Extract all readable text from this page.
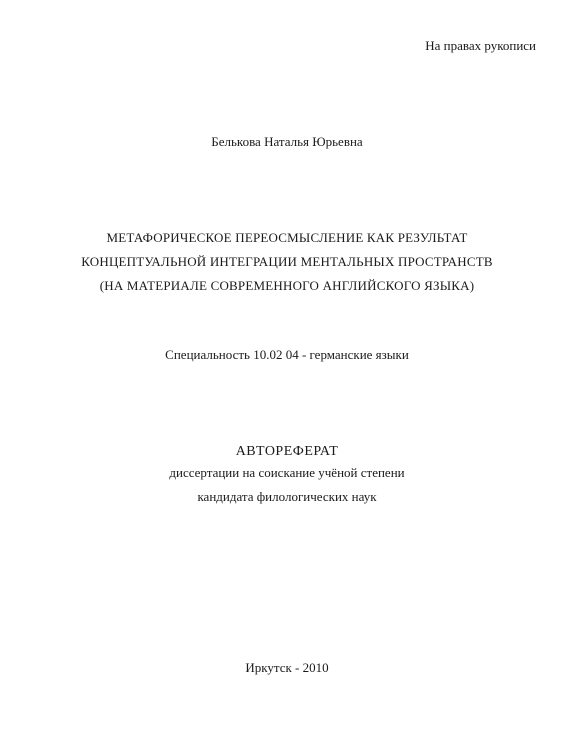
На правах рукописи
Белькова Наталья Юрьевна
МЕТАФОРИЧЕСКОЕ ПЕРЕОСМЫСЛЕНИЕ КАК РЕЗУЛЬТАТ
КОНЦЕПТУАЛЬНОЙ ИНТЕГРАЦИИ МЕНТАЛЬНЫХ ПРОСТРАНСТВ
(НА МАТЕРИАЛЕ СОВРЕМЕННОГО АНГЛИЙСКОГО ЯЗЫКА)
Специальность 10.02 04 - германские языки
АВТОРЕФЕРАТ
диссертации на соискание учёной степени
кандидата филологических наук
Иркутск - 2010
